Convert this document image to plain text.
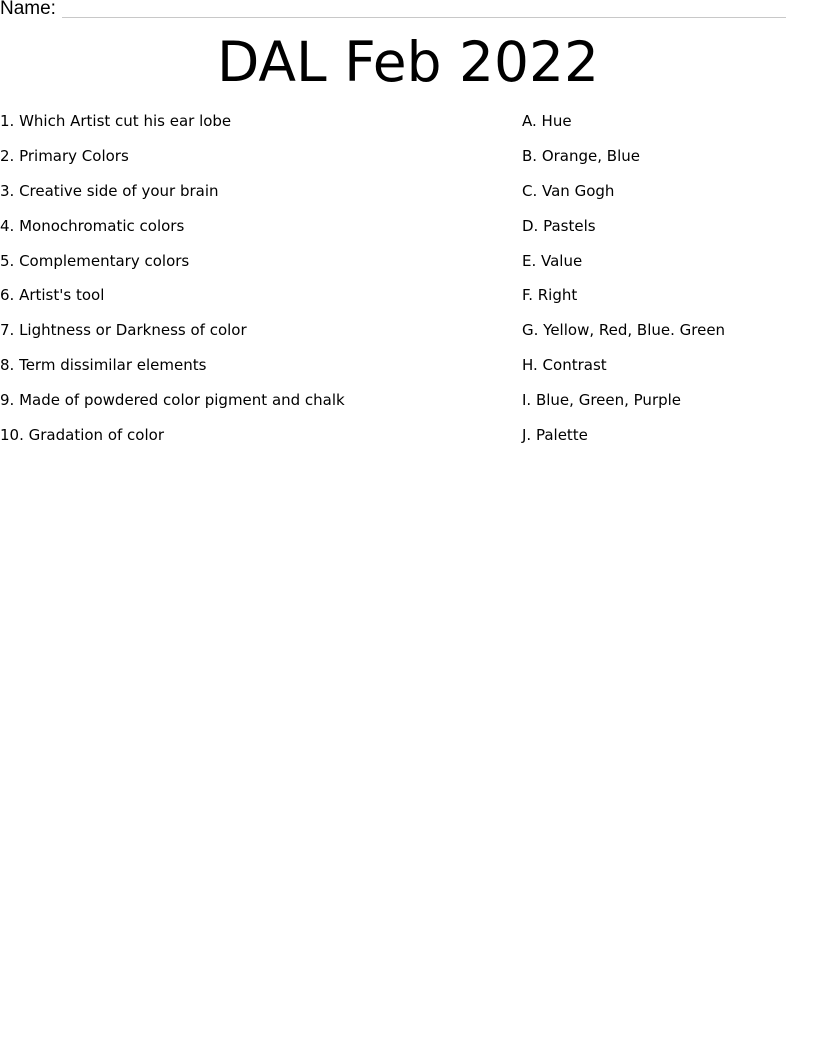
Name:
DAL Feb 2022
1. Which Artist cut his ear lobe
2. Primary Colors
3. Creative side of your brain
4. Monochromatic colors
5. Complementary colors
6. Artist's tool
7. Lightness or Darkness of color
8. Term dissimilar elements
9. Made of powdered color pigment and chalk
10. Gradation of color
A. Hue
B. Orange, Blue
C. Van Gogh
D. Pastels
E. Value
F. Right
G. Yellow, Red, Blue. Green
H. Contrast
I. Blue, Green, Purple
J. Palette
